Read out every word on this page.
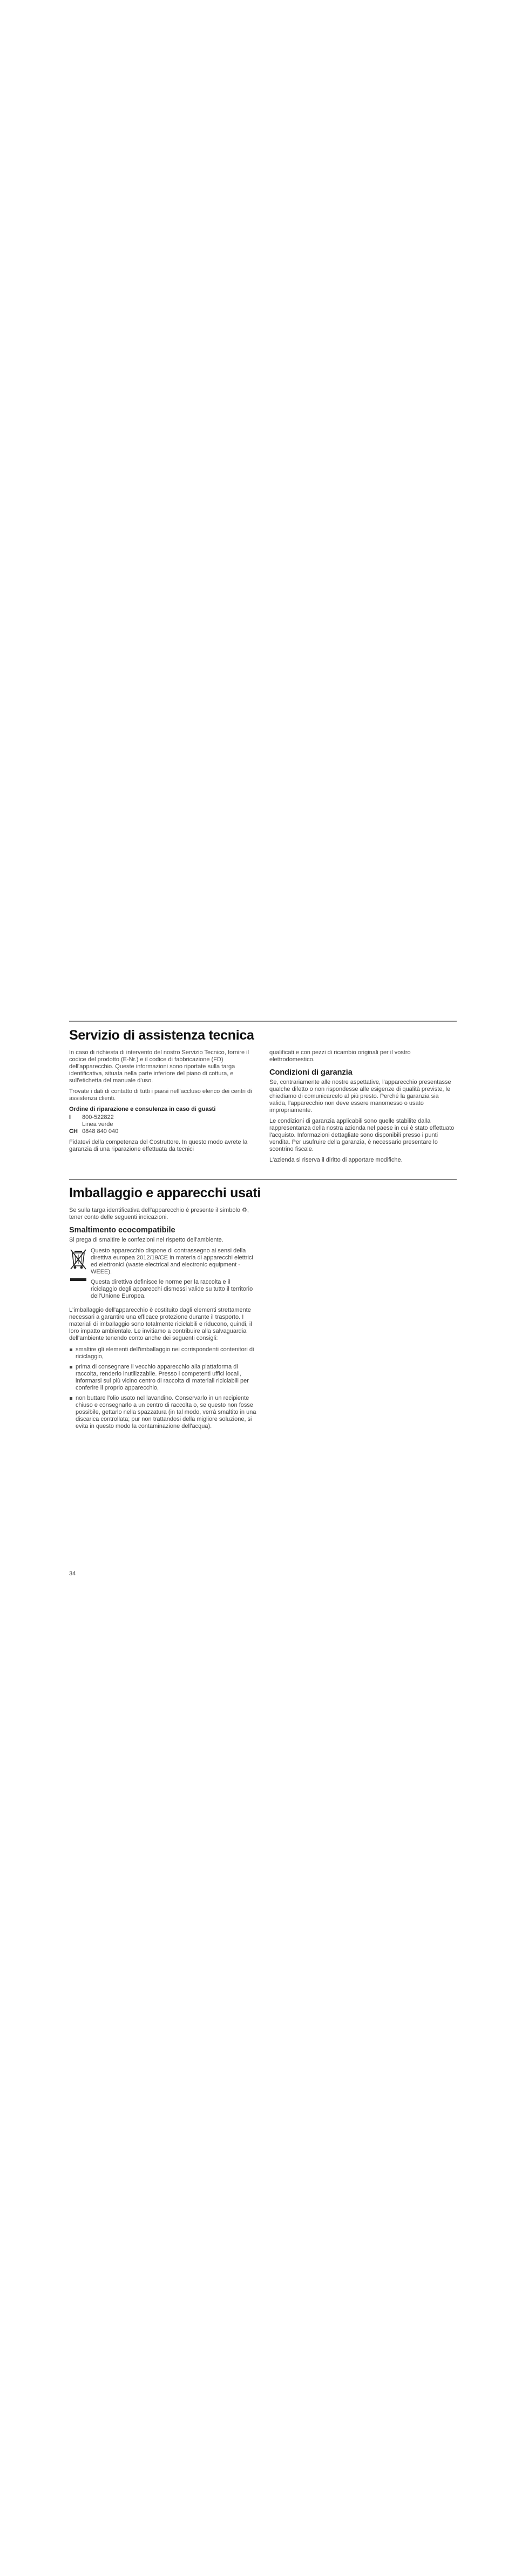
Servizio di assistenza tecnica

In caso di richiesta di intervento del nostro Servizio Tecnico, fornire il codice del prodotto (E-Nr.) e il codice di fabbricazione (FD) dell'apparecchio. Queste informazioni sono riportate sulla targa identificativa, situata nella parte inferiore del piano di cottura, e sull'etichetta del manuale d'uso.

Trovate i dati di contatto di tutti i paesi nell'accluso elenco dei centri di assistenza clienti.

Ordine di riparazione e consulenza in caso di guasti
I	800-522822
Linea verde
CH 0848 840 040

Fidatevi della competenza del Costruttore. In questo modo avrete la garanzia di una riparazione effettuata da tecnici

qualificati e con pezzi di ricambio originali per il vostro elettrodomestico.

Condizioni di garanzia

Se, contrariamente alle nostre aspettative, l'apparecchio presentasse qualche difetto o non rispondesse alle esigenze di qualità previste, le chiediamo di comunicarcelo al più presto. Perché la garanzia sia valida, l'apparecchio non deve essere manomesso o usato impropriamente.

Le condizioni di garanzia applicabili sono quelle stabilite dalla rappresentanza della nostra azienda nel paese in cui è stato effettuato l'acquisto. Informazioni dettagliate sono disponibili presso i punti vendita. Per usufruire della garanzia, è necessario presentare lo scontrino fiscale.

L'azienda si riserva il diritto di apportare modifiche.

Imballaggio e apparecchi usati

Se sulla targa identificativa dell'apparecchio è presente il simbolo ♻, tener conto delle seguenti indicazioni.

Smaltimento ecocompatibile

Si prega di smaltire le confezioni nel rispetto dell'ambiente.

Questo apparecchio dispone di contrassegno ai sensi della direttiva europea 2012/19/CE in materia di apparecchi elettrici ed elettronici (waste electrical and electronic equipment - WEEE).

Questa direttiva definisce le norme per la raccolta e il riciclaggio degli apparecchi dismessi valide su tutto il territorio dell'Unione Europea.

L'imballaggio dell'apparecchio è costituito dagli elementi strettamente necessari a garantire una efficace protezione durante il trasporto. I materiali di imballaggio sono totalmente riciclabili e riducono, quindi, il loro impatto ambientale. Le invitiamo a contribuire alla salvaguardia dell'ambiente tenendo conto anche dei seguenti consigli:

smaltire gli elementi dell'imballaggio nei corrispondenti contenitori di riciclaggio,
prima di consegnare il vecchio apparecchio alla piattaforma di raccolta, renderlo inutilizzabile. Presso i competenti uffici locali, informarsi sul più vicino centro di raccolta di materiali riciclabili per conferire il proprio apparecchio,
non buttare l'olio usato nel lavandino. Conservarlo in un recipiente chiuso e consegnarlo a un centro di raccolta o, se questo non fosse possibile, gettarlo nella spazzatura (in tal modo, verrà smaltito in una discarica controllata; pur non trattandosi della migliore soluzione, si evita in questo modo la contaminazione dell'acqua).
34
